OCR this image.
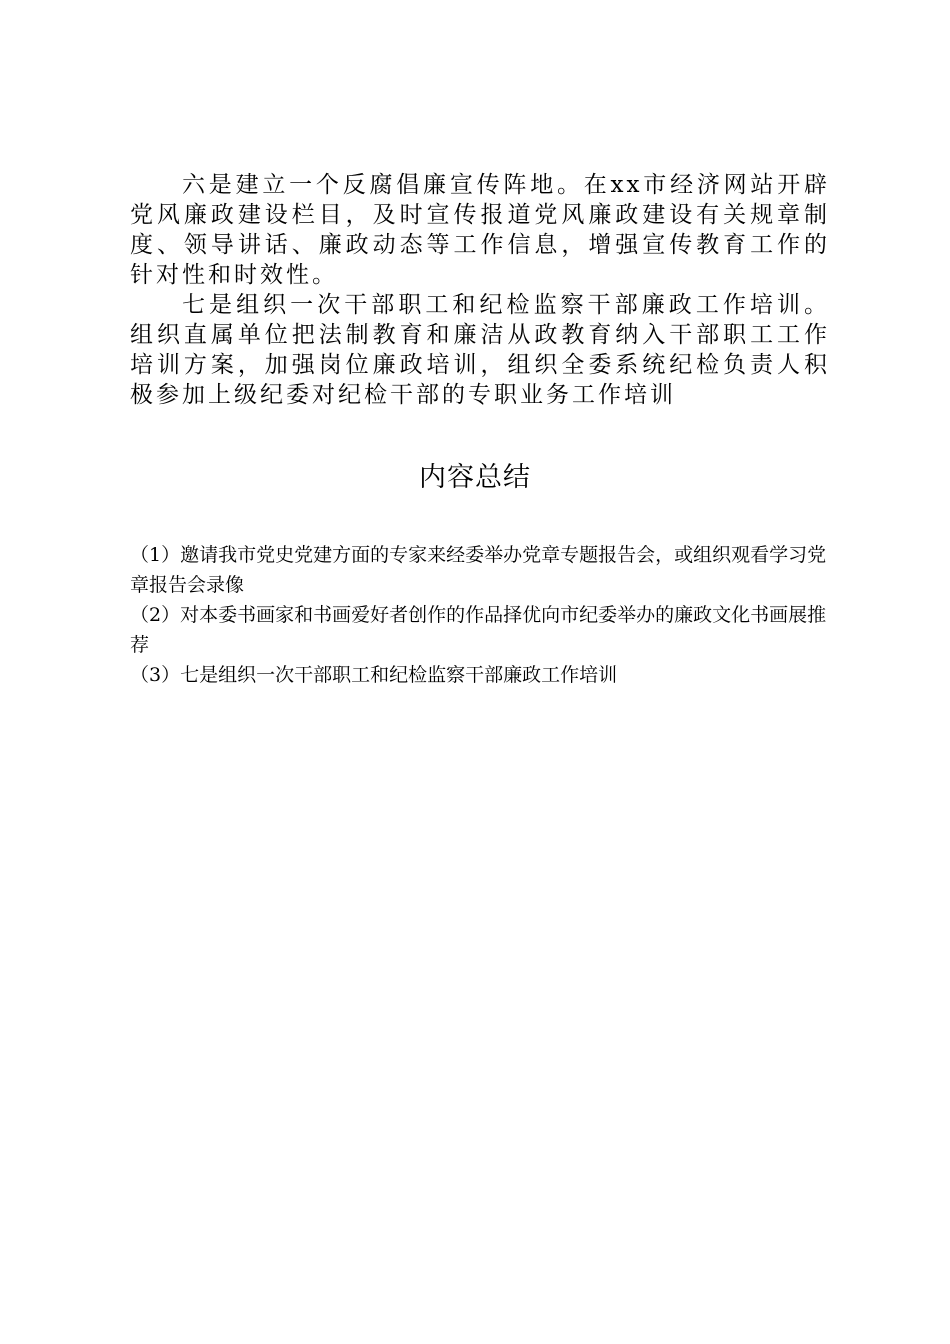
六是建立一个反腐倡廉宣传阵地。在xx市经济网站开辟党风廉政建设栏目，及时宣传报道党风廉政建设有关规章制度、领导讲话、廉政动态等工作信息，增强宣传教育工作的针对性和时效性。

七是组织一次干部职工和纪检监察干部廉政工作培训。组织直属单位把法制教育和廉洁从政教育纳入干部职工工作培训方案，加强岗位廉政培训，组织全委系统纪检负责人积极参加上级纪委对纪检干部的专职业务工作培训

内容总结
（1）邀请我市党史党建方面的专家来经委举办党章专题报告会，或组织观看学习党章报告会录像
（2）对本委书画家和书画爱好者创作的作品择优向市纪委举办的廉政文化书画展推荐
（3）七是组织一次干部职工和纪检监察干部廉政工作培训
